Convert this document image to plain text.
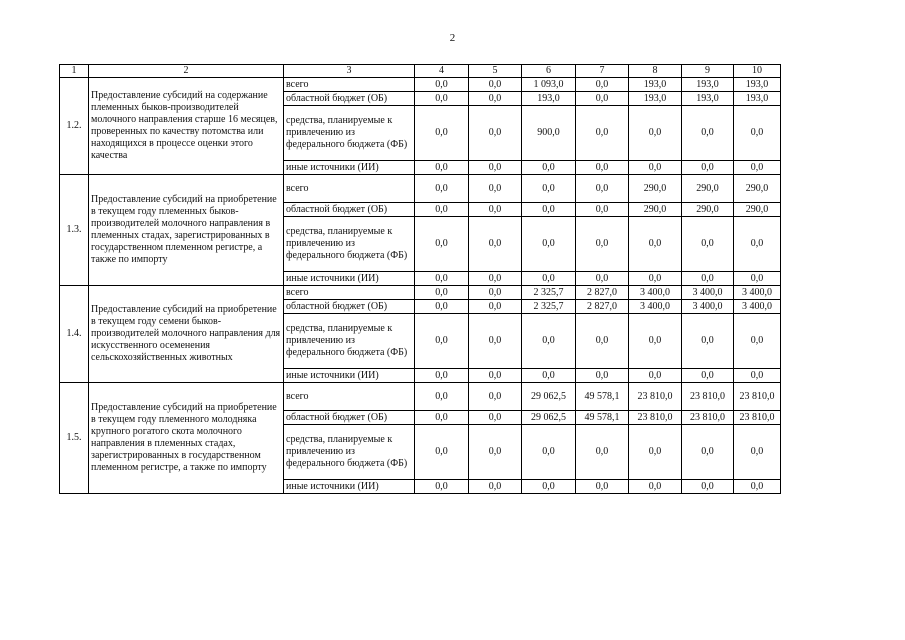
2
1	2	3	4	5	6	7	8	9	10
1.2.	Предоставление субсидий на содержание племенных быков-производителей молочного направления старше 16 месяцев, проверенных по качеству потомства или находящихся в процессе оценки этого качества	всего	0,0	0,0	1 093,0	0,0	193,0	193,0	193,0
		областной бюджет (ОБ)	0,0	0,0	193,0	0,0	193,0	193,0	193,0
		средства, планируемые к привлечению из федерального бюджета (ФБ)	0,0	0,0	900,0	0,0	0,0	0,0	0,0
		иные источники (ИИ)	0,0	0,0	0,0	0,0	0,0	0,0	0,0
1.3.	Предоставление субсидий на приобретение в текущем году племенных быков-производителей молочного направления в племенных стадах, зарегистрированных в государственном племенном регистре, а также по импорту	всего	0,0	0,0	0,0	0,0	290,0	290,0	290,0
		областной бюджет (ОБ)	0,0	0,0	0,0	0,0	290,0	290,0	290,0
		средства, планируемые к привлечению из федерального бюджета (ФБ)	0,0	0,0	0,0	0,0	0,0	0,0	0,0
		иные источники (ИИ)	0,0	0,0	0,0	0,0	0,0	0,0	0,0
1.4.	Предоставление субсидий на приобретение в текущем году семени быков-производителей молочного направления для искусственного осеменения сельскохозяйственных животных	всего	0,0	0,0	2 325,7	2 827,0	3 400,0	3 400,0	3 400,0
		областной бюджет (ОБ)	0,0	0,0	2 325,7	2 827,0	3 400,0	3 400,0	3 400,0
		средства, планируемые к привлечению из федерального бюджета (ФБ)	0,0	0,0	0,0	0,0	0,0	0,0	0,0
		иные источники (ИИ)	0,0	0,0	0,0	0,0	0,0	0,0	0,0
1.5.	Предоставление субсидий на приобретение в текущем году племенного молодняка крупного рогатого скота молочного направления в племенных стадах, зарегистрированных в государственном племенном регистре, а также по импорту	всего	0,0	0,0	29 062,5	49 578,1	23 810,0	23 810,0	23 810,0
		областной бюджет (ОБ)	0,0	0,0	29 062,5	49 578,1	23 810,0	23 810,0	23 810,0
		средства, планируемые к привлечению из федерального бюджета (ФБ)	0,0	0,0	0,0	0,0	0,0	0,0	0,0
		иные источники (ИИ)	0,0	0,0	0,0	0,0	0,0	0,0	0,0
